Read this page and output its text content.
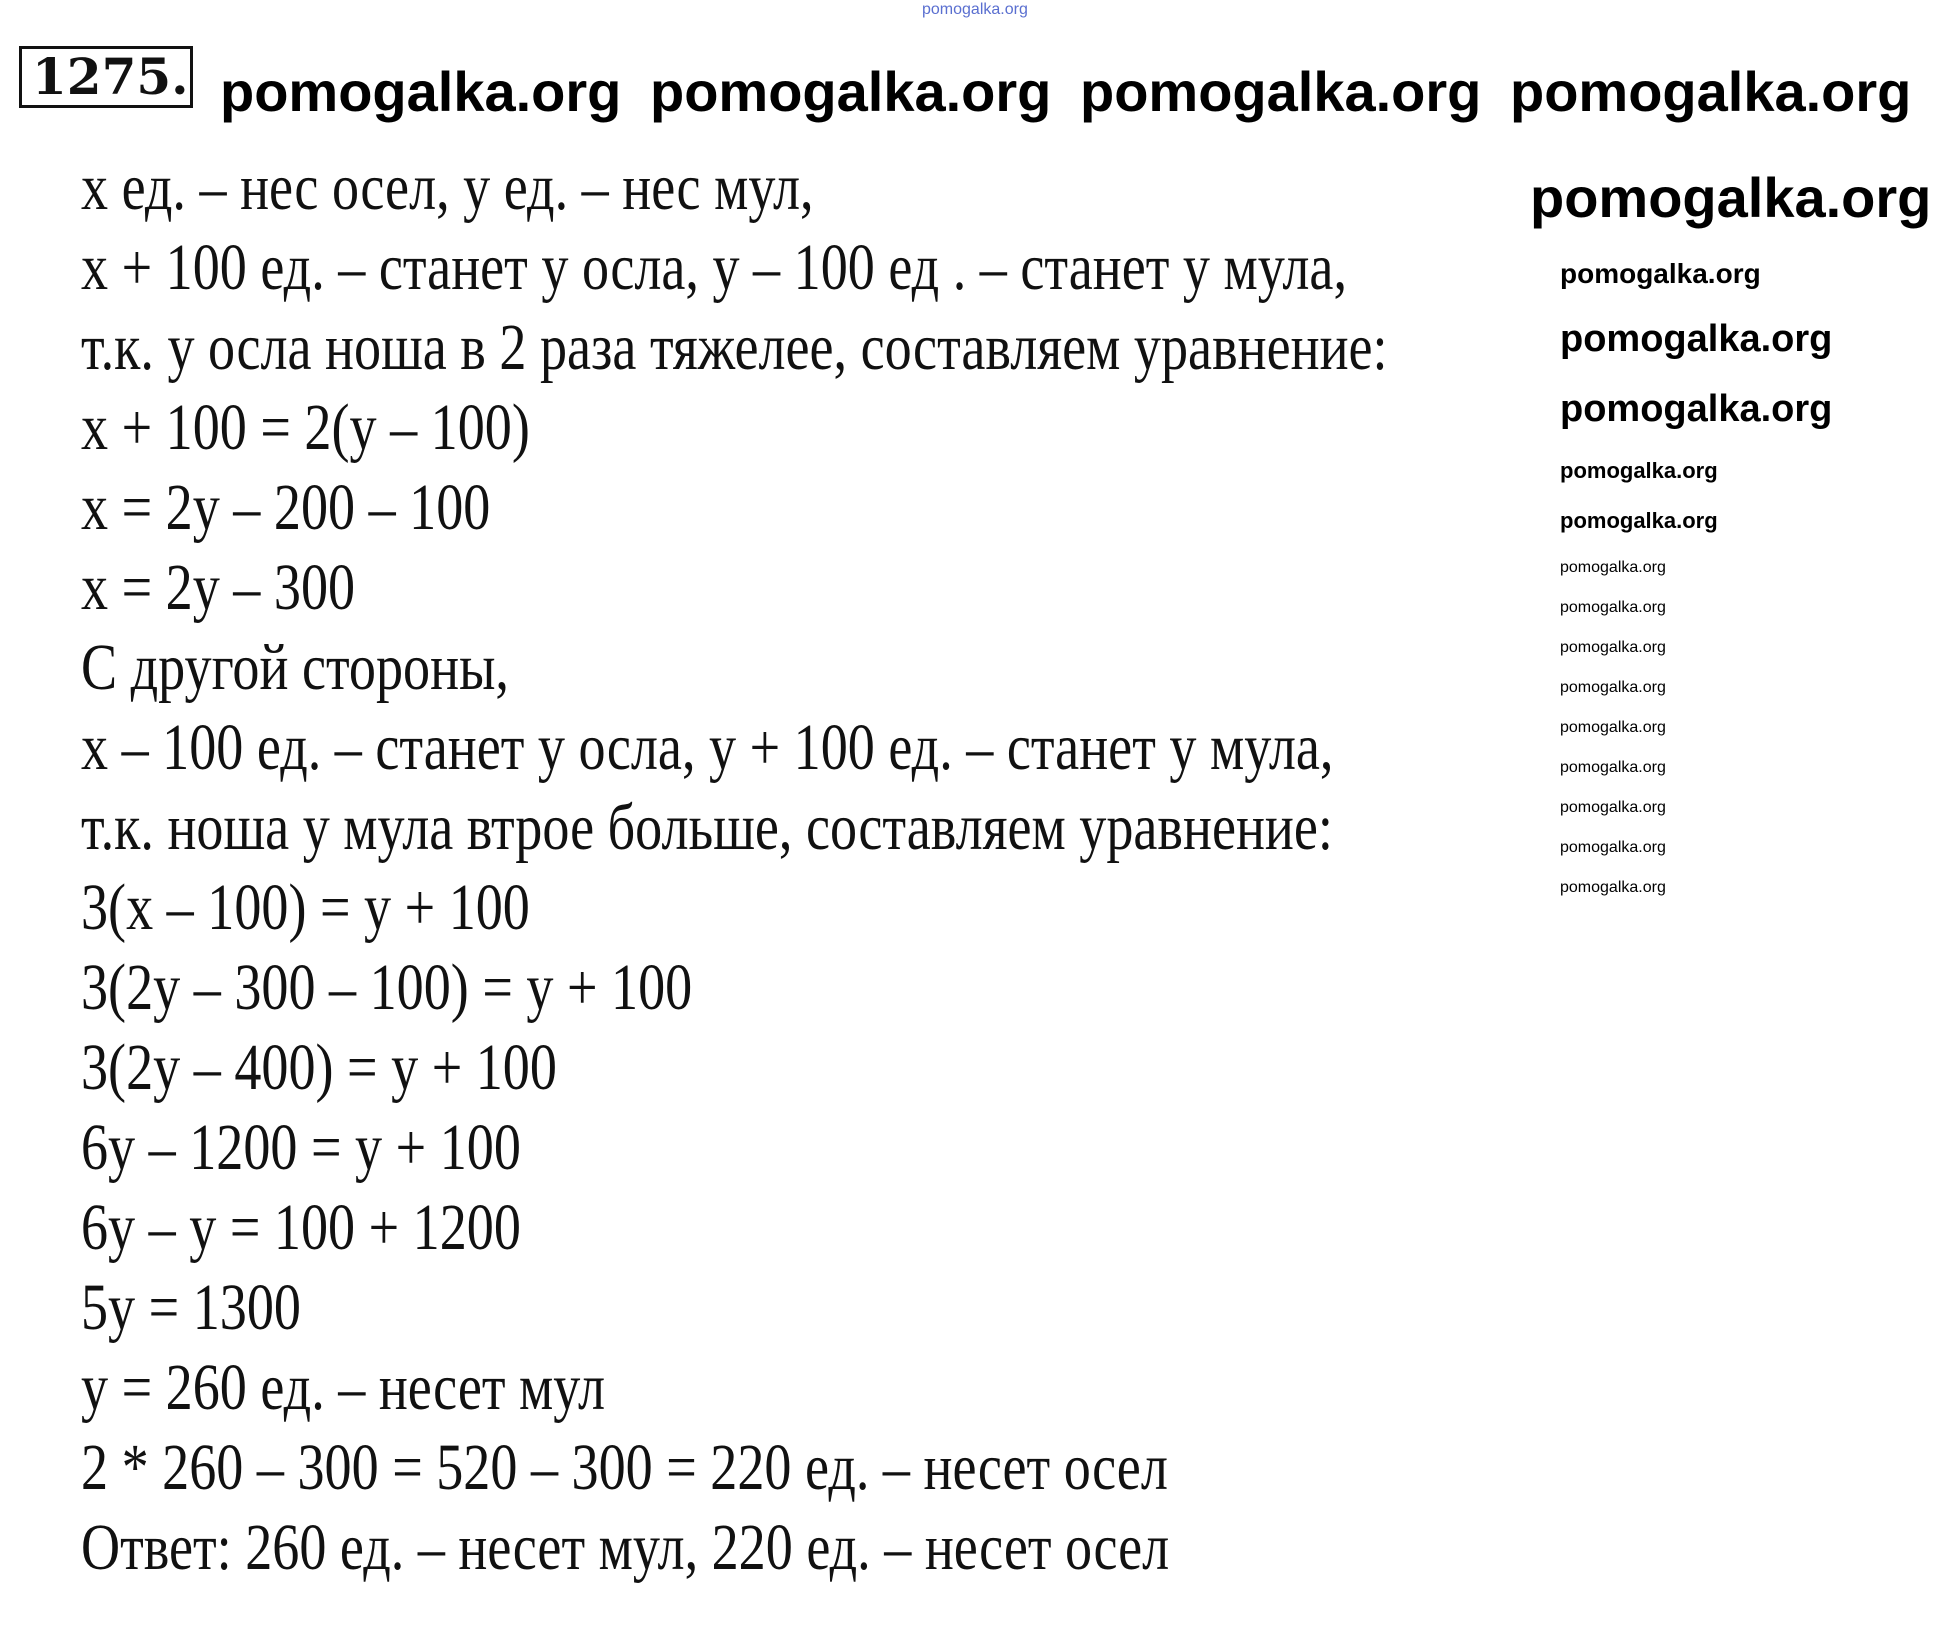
1275.
x ед. – нес осел, у ед. – нес мул,
x + 100 ед. – станет у осла, у – 100 ед . – станет у мула,
т.к. у осла ноша в 2 раза тяжелее, составляем уравнение:
x + 100 = 2(y – 100)
x = 2y – 200 – 100
x = 2y – 300
С другой стороны,
x – 100 ед. – станет у осла, у + 100 ед. – станет у мула,
т.к. ноша у мула втрое больше, составляем уравнение:
3(x – 100) = y + 100
3(2y – 300 – 100) = y + 100
3(2y – 400) = y + 100
6y – 1200 = y + 100
6y – y = 100 + 1200
5y = 1300
y = 260 ед. – несет мул
2 * 260 – 300 = 520 – 300 = 220 ед. – несет осел
Ответ: 260 ед. – несет мул, 220 ед. – несет осел
pomogalka.org
pomogalka.org pomogalka.org pomogalka.org pomogalka.org
pomogalka.org
pomogalka.org
pomogalka.org
pomogalka.org
pomogalka.org
pomogalka.org
pomogalka.org
pomogalka.org
pomogalka.org
pomogalka.org
pomogalka.org
pomogalka.org
pomogalka.org
pomogalka.org
pomogalka.org
